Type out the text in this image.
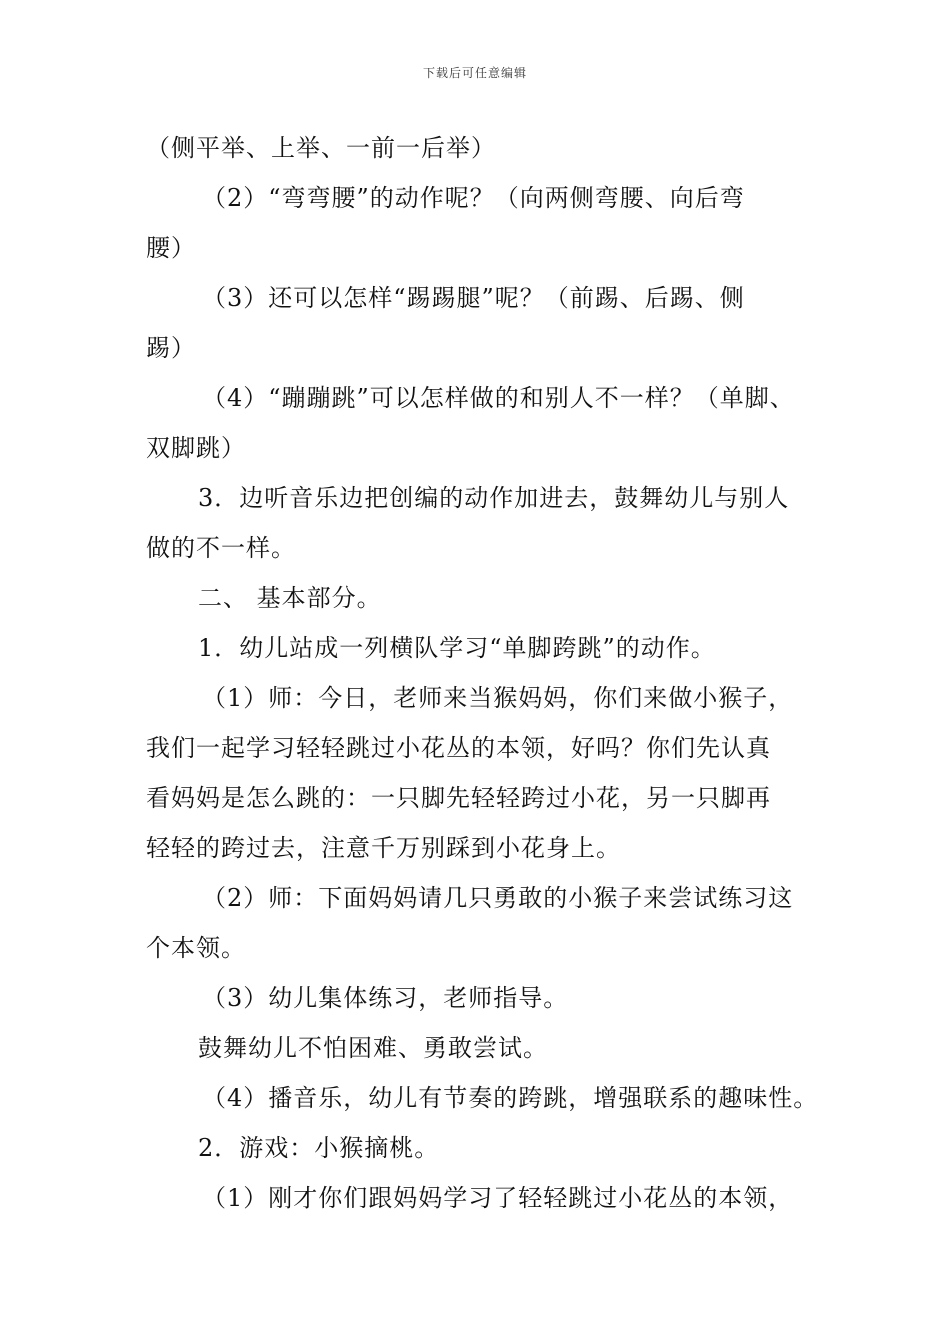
下载后可任意编辑
（侧平举、上举、一前一后举）
（2）“弯弯腰”的动作呢？（向两侧弯腰、向后弯
腰）
（3）还可以怎样“踢踢腿”呢？（前踢、后踢、侧
踢）
（4）“蹦蹦跳”可以怎样做的和别人不一样？（单脚、
双脚跳）
3．边听音乐边把创编的动作加进去，鼓舞幼儿与别人
做的不一样。
二、 基本部分。
1．幼儿站成一列横队学习“单脚跨跳”的动作。
（1）师：今日，老师来当猴妈妈，你们来做小猴子，
我们一起学习轻轻跳过小花丛的本领，好吗？你们先认真
看妈妈是怎么跳的：一只脚先轻轻跨过小花，另一只脚再
轻轻的跨过去，注意千万别踩到小花身上。
（2）师：下面妈妈请几只勇敢的小猴子来尝试练习这
个本领。
（3）幼儿集体练习，老师指导。
鼓舞幼儿不怕困难、勇敢尝试。
（4）播音乐，幼儿有节奏的跨跳，增强联系的趣味性。
2．游戏：小猴摘桃。
（1）刚才你们跟妈妈学习了轻轻跳过小花丛的本领，
